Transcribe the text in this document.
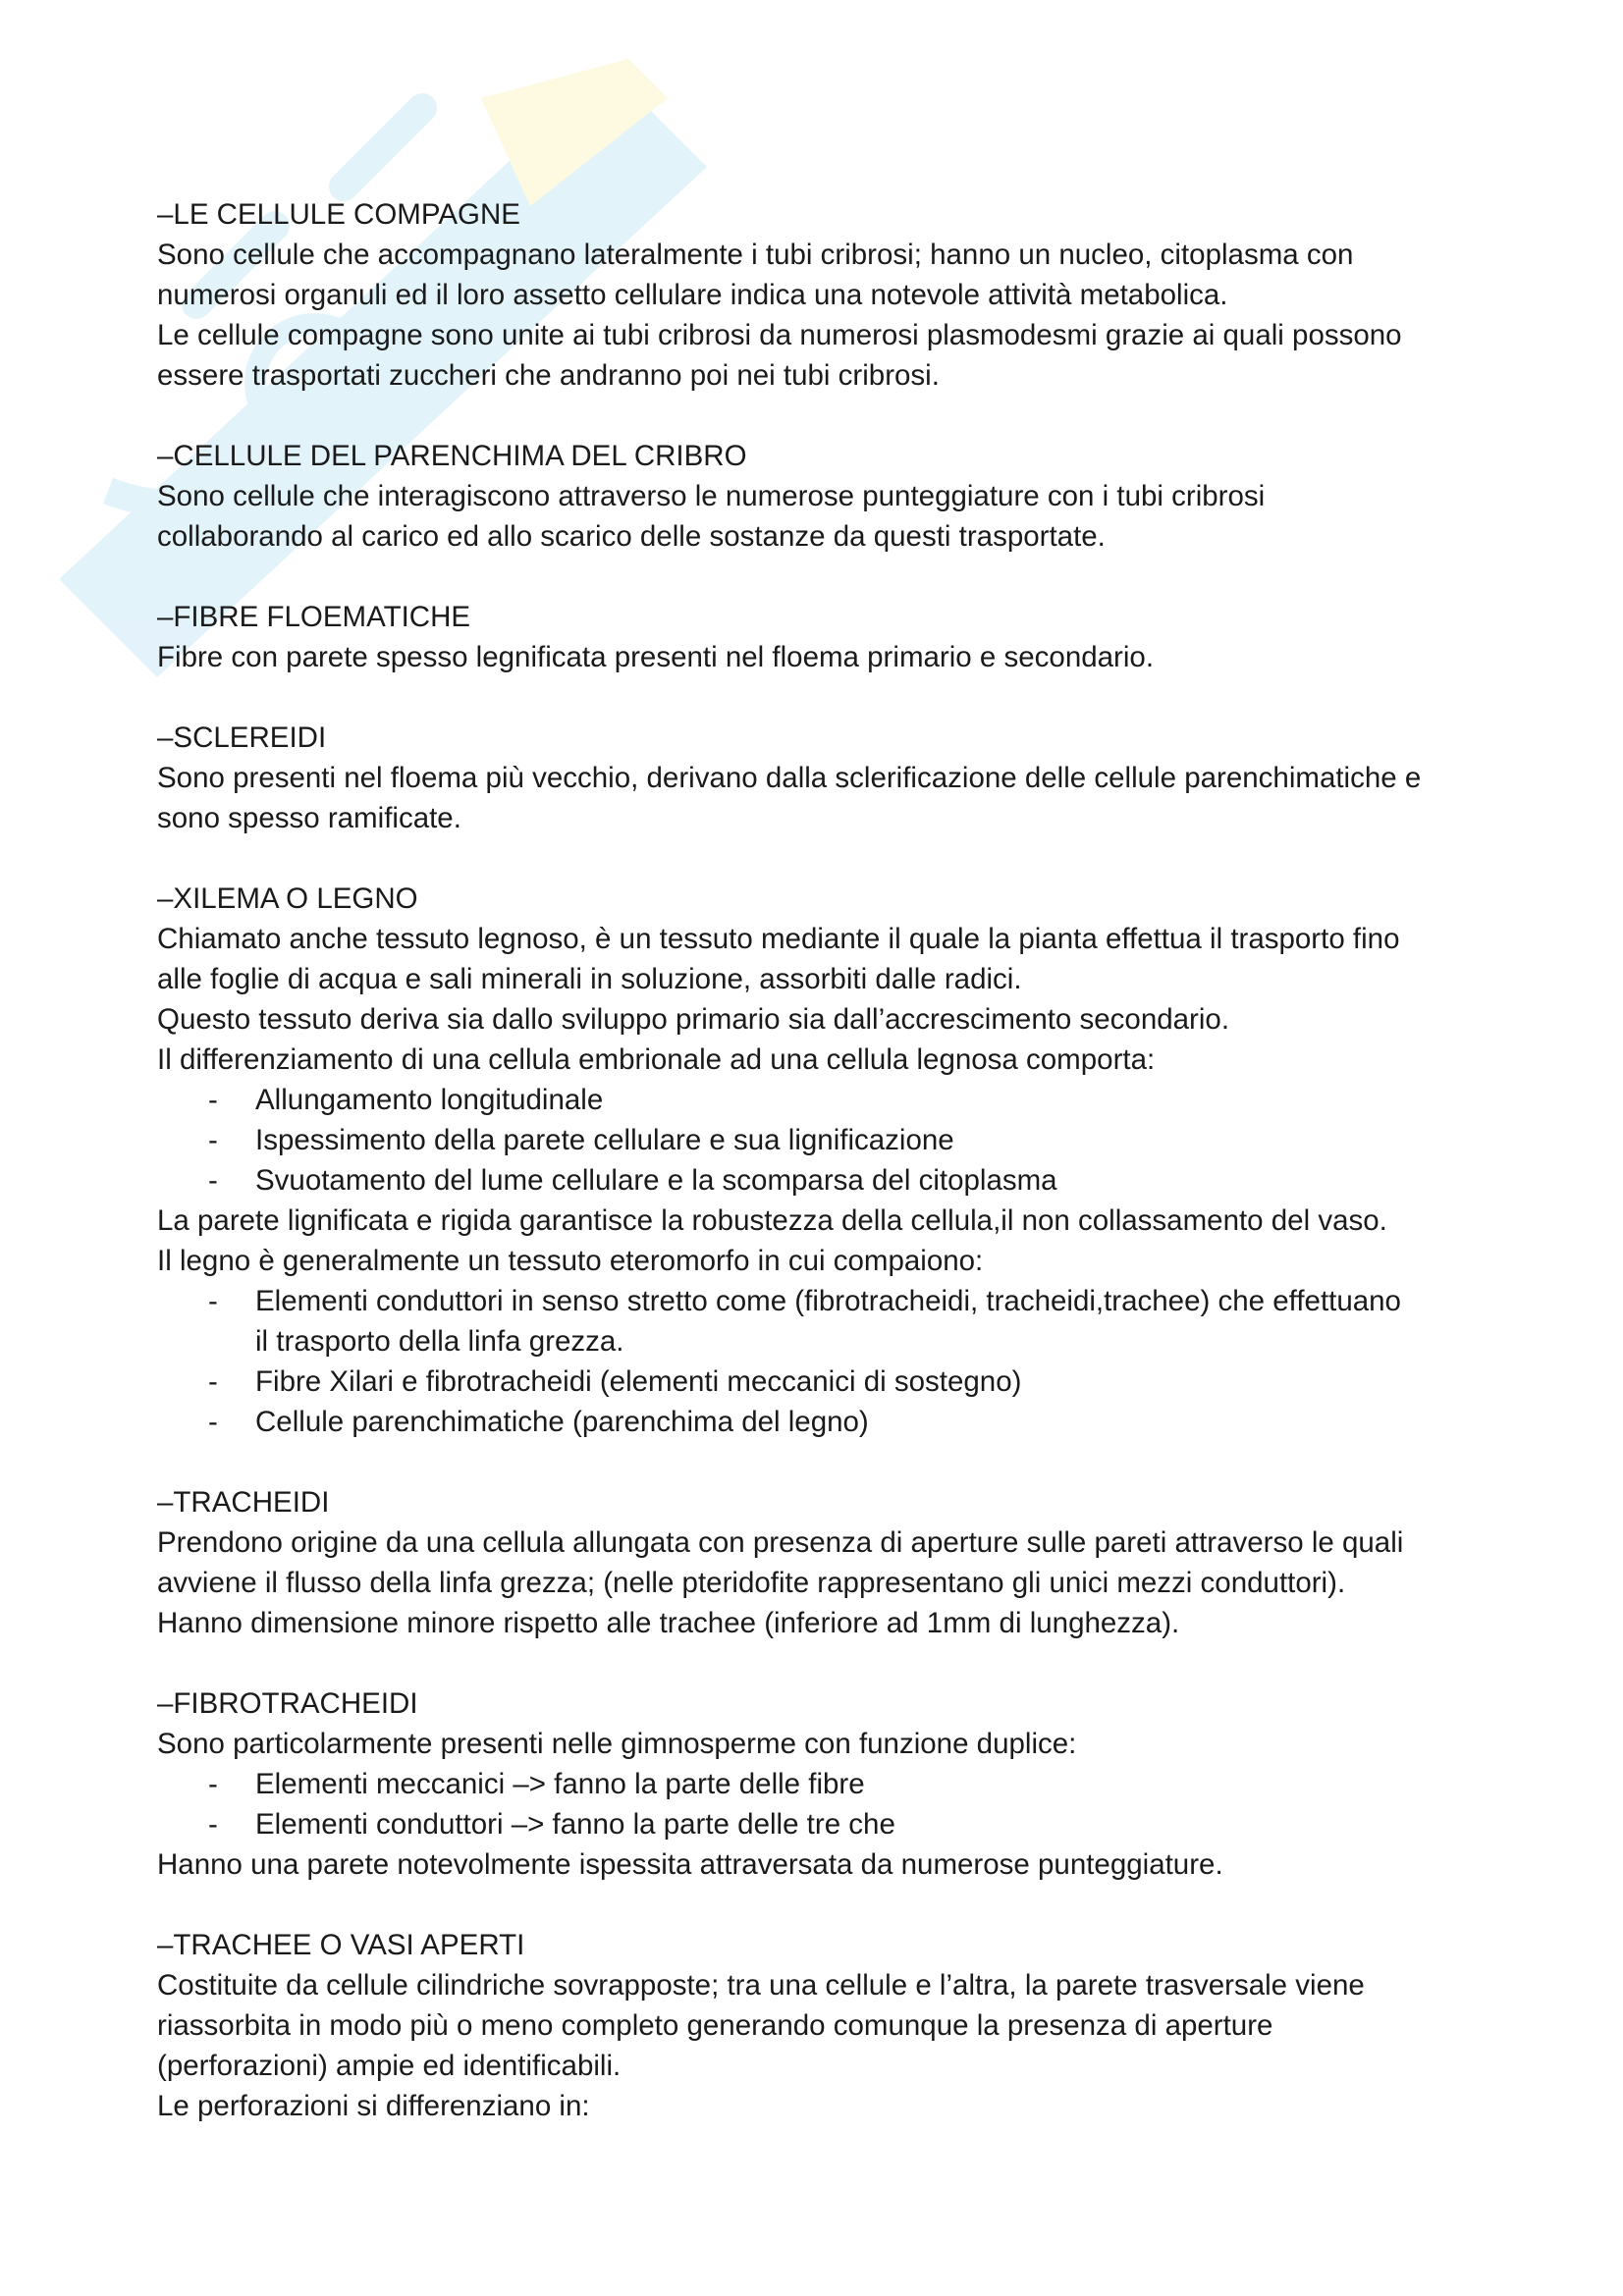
–LE CELLULE COMPAGNE
Sono cellule che accompagnano lateralmente i tubi cribrosi; hanno un nucleo, citoplasma con
numerosi organuli ed il loro assetto cellulare indica una notevole attività metabolica.
Le cellule compagne sono unite ai tubi cribrosi da numerosi plasmodesmi grazie ai quali possono
essere trasportati zuccheri che andranno poi nei tubi cribrosi.
–CELLULE DEL PARENCHIMA DEL CRIBRO
Sono cellule che interagiscono attraverso le numerose punteggiature con i tubi cribrosi
collaborando al carico ed allo scarico delle sostanze da questi trasportate.
–FIBRE FLOEMATICHE
Fibre con parete spesso legnificata presenti nel floema primario e secondario.
–SCLEREIDI
Sono presenti nel floema più vecchio, derivano dalla sclerificazione delle cellule parenchimatiche e
sono spesso ramificate.
–XILEMA O LEGNO
Chiamato anche tessuto legnoso, è un tessuto mediante il quale la pianta effettua il trasporto fino
alle foglie di acqua e sali minerali in soluzione, assorbiti dalle radici.
Questo tessuto deriva sia dallo sviluppo primario sia dall’accrescimento secondario.
Il differenziamento di una cellula embrionale ad una cellula legnosa comporta:
- Allungamento longitudinale
- Ispessimento della parete cellulare e sua lignificazione
- Svuotamento del lume cellulare e la scomparsa del citoplasma
La parete lignificata e rigida garantisce la robustezza della cellula,il non collassamento del vaso.
Il legno è generalmente un tessuto eteromorfo in cui compaiono:
- Elementi conduttori in senso stretto come (fibrotracheidi, tracheidi,trachee) che effettuano
il trasporto della linfa grezza.
- Fibre Xilari e fibrotracheidi (elementi meccanici di sostegno)
- Cellule parenchimatiche (parenchima del legno)
–TRACHEIDI
Prendono origine da una cellula allungata con presenza di aperture sulle pareti attraverso le quali
avviene il flusso della linfa grezza; (nelle pteridofite rappresentano gli unici mezzi conduttori).
Hanno dimensione minore rispetto alle trachee (inferiore ad 1mm di lunghezza).
–FIBROTRACHEIDI
Sono particolarmente presenti nelle gimnosperme con funzione duplice:
- Elementi meccanici –> fanno la parte delle fibre
- Elementi conduttori –> fanno la parte delle tre che
Hanno una parete notevolmente ispessita attraversata da numerose punteggiature.
–TRACHEE O VASI APERTI
Costituite da cellule cilindriche sovrapposte; tra una cellule e l’altra, la parete trasversale viene
riassorbita in modo più o meno completo generando comunque la presenza di aperture
(perforazioni) ampie ed identificabili.
Le perforazioni si differenziano in:
